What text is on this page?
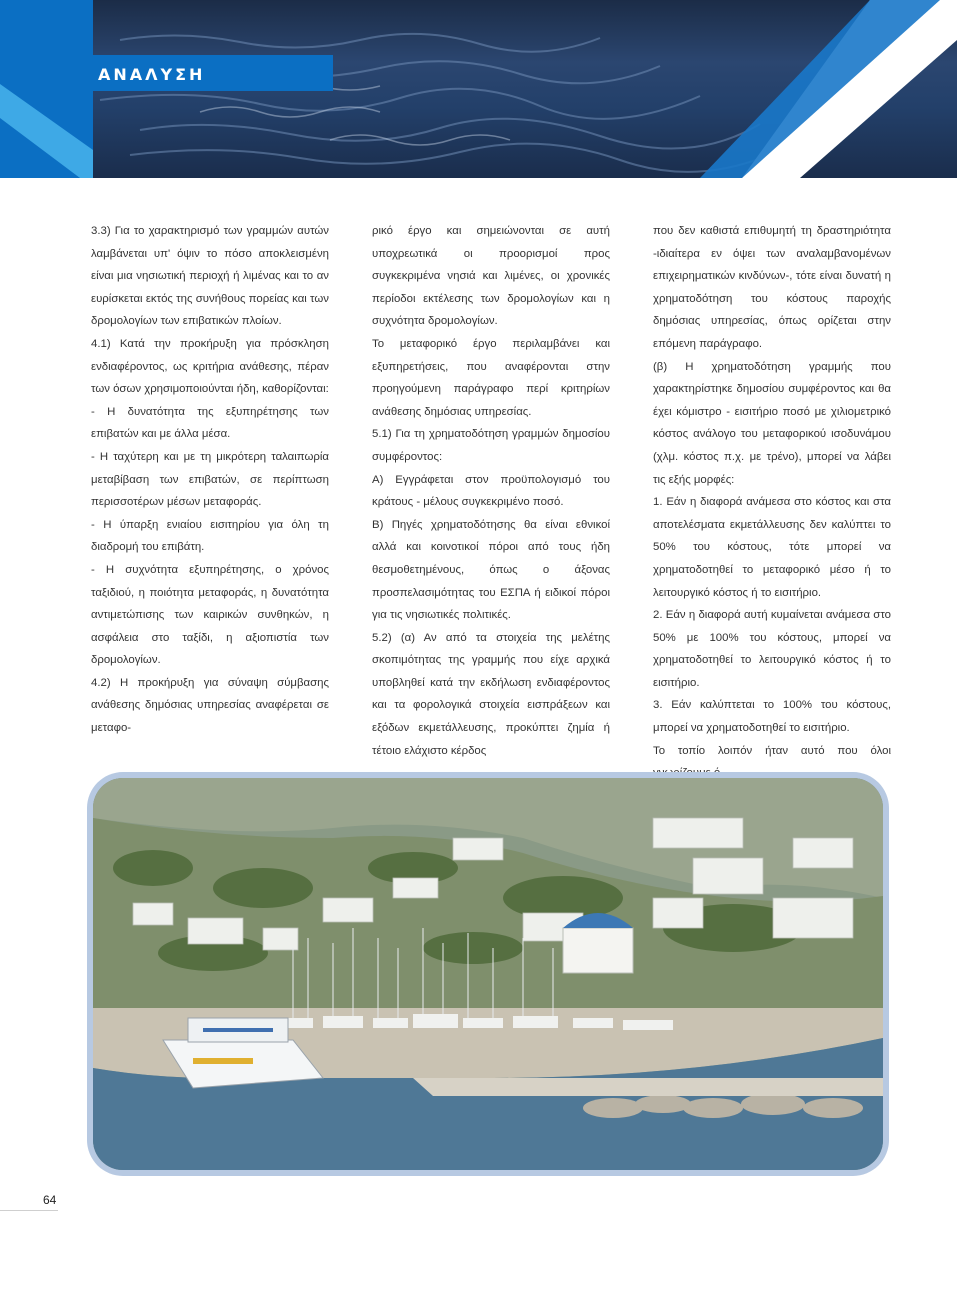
ΑΝΑΛΥΣΗ

3.3) Για το χαρακτηρισμό των γραμμών αυτών λαμβάνεται υπ' όψιν το πόσο αποκλεισμένη είναι μια νησιωτική περιοχή ή λιμένας και το αν ευρίσκεται εκτός της συνήθους πορείας και των δρομολογίων των επιβατικών πλοίων.

4.1) Κατά την προκήρυξη για πρόσκληση ενδιαφέροντος, ως κριτήρια ανάθεσης, πέραν των όσων χρησιμοποιούνται ήδη, καθορίζονται:

- Η δυνατότητα της εξυπηρέτησης των επιβατών και με άλλα μέσα.

- Η ταχύτερη και με τη μικρότερη ταλαιπωρία μεταβίβαση των επιβατών, σε περίπτωση περισσοτέρων μέσων μεταφοράς.

- Η ύπαρξη ενιαίου εισιτηρίου για όλη τη διαδρομή του επιβάτη.

- Η συχνότητα εξυπηρέτησης, ο χρόνος ταξιδιού, η ποιότητα μεταφοράς, η δυνατότητα αντιμετώπισης των καιρικών συνθηκών, η ασφάλεια στο ταξίδι, η αξιοπιστία των δρομολογίων.

4.2) Η προκήρυξη για σύναψη σύμβασης ανάθεσης δημόσιας υπηρεσίας αναφέρεται σε μεταφο-

ρικό έργο και σημειώνονται σε αυτή υποχρεωτικά οι προορισμοί προς συγκεκριμένα νησιά και λιμένες, οι χρονικές περίοδοι εκτέλεσης των δρομολογίων και η συχνότητα δρομολογίων.

Το μεταφορικό έργο περιλαμβάνει και εξυπηρετήσεις, που αναφέρονται στην προηγούμενη παράγραφο περί κριτηρίων ανάθεσης δημόσιας υπηρεσίας.

5.1) Για τη χρηματοδότηση γραμμών δημοσίου συμφέροντος:

Α) Εγγράφεται στον προϋπολογισμό του κράτους - μέλους συγκεκριμένο ποσό.

Β) Πηγές χρηματοδότησης θα είναι εθνικοί αλλά και κοινοτικοί πόροι από τους ήδη θεσμοθετημένους, όπως ο άξονας προσπελασιμότητας του ΕΣΠΑ ή ειδικοί πόροι για τις νησιωτικές πολιτικές.

5.2) (α) Αν από τα στοιχεία της μελέτης σκοπιμότητας της γραμμής που είχε αρχικά υποβληθεί κατά την εκδήλωση ενδιαφέροντος και τα φορολογικά στοιχεία εισπράξεων και εξόδων εκμετάλλευσης, προκύπτει ζημία ή τέτοιο ελάχιστο κέρδος

που δεν καθιστά επιθυμητή τη δραστηριότητα -ιδιαίτερα εν όψει των αναλαμβανομένων επιχειρηματικών κινδύνων-, τότε είναι δυνατή η χρηματοδότηση του κόστους παροχής δημόσιας υπηρεσίας, όπως ορίζεται στην επόμενη παράγραφο.

(β) Η χρηματοδότηση γραμμής που χαρακτηρίστηκε δημοσίου συμφέροντος και θα έχει κόμιστρο - εισιτήριο ποσό με χιλιομετρικό κόστος ανάλογο του μεταφορικού ισοδυνάμου (χλμ. κόστος π.χ. με τρένο), μπορεί να λάβει τις εξής μορφές:

1. Εάν η διαφορά ανάμεσα στο κόστος και στα αποτελέσματα εκμετάλλευσης δεν καλύπτει το 50% του κόστους, τότε μπορεί να χρηματοδοτηθεί το μεταφορικό μέσο ή το λειτουργικό κόστος ή το εισιτήριο.

2. Εάν η διαφορά αυτή κυμαίνεται ανάμεσα στο 50% με 100% του κόστους, μπορεί να χρηματοδοτηθεί το λειτουργικό κόστος ή το εισιτήριο.

3. Εάν καλύπτεται το 100% του κόστους, μπορεί να χρηματοδοτηθεί το εισιτήριο.

Το τοπίο λοιπόν ήταν αυτό που όλοι

64
